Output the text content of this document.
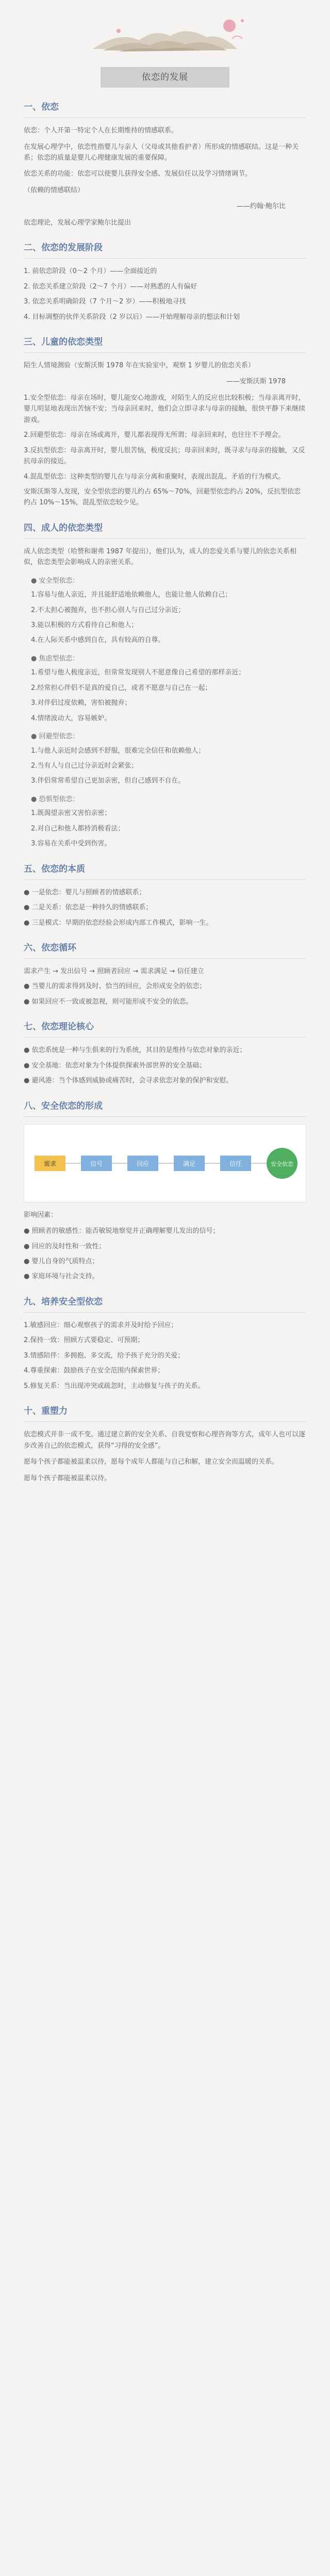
依恋的发展
一、依恋

依恋：个人开第一特定个人在长期维持的情感联系。

在发展心理学中，依恋性指婴儿与亲人（父母或其他看护者）所形成的情感联结。这是一种关系；依恋的质量是婴儿心理健康发展的重要保障。

依恋关系的功能：依恋可以使婴儿获得安全感、发展信任以及学习情绪调节。

（依赖的情感联结）

——约翰·鲍尔比

依恋理论，发展心理学家鲍尔比提出

二、依恋的发展阶段

1. 前依恋阶段（0～2 个月）——全面接近的

2. 依恋关系建立阶段（2～7 个月）——对熟悉的人有偏好

3. 依恋关系明确阶段（7 个月～2 岁）——积极地寻找

4. 目标调整的伙伴关系阶段（2 岁以后）——开始理解母亲的想法和计划

三、儿童的依恋类型

陌生人情境测验（安斯沃斯 1978 年在实验室中，观察 1 岁婴儿的依恋关系）

——安斯沃斯 1978

1.安全型依恋：母亲在场时，婴儿能安心地游戏，对陌生人的反应也比较积极；当母亲离开时，婴儿明显地表现出苦恼不安；当母亲回来时，他们会立即寻求与母亲的接触，很快平静下来继续游戏。

2.回避型依恋：母亲在场或离开，婴儿都表现得无所谓；母亲回来时，也往往不予理会。

3.反抗型依恋：母亲离开时，婴儿很苦恼，极度反抗；母亲回来时，既寻求与母亲的接触，又反抗母亲的接近。

4.混乱型依恋：这种类型的婴儿在与母亲分离和重聚时，表现出混乱、矛盾的行为模式。

安斯沃斯等人发现，安全型依恋的婴儿约占 65%～70%，回避型依恋约占 20%，反抗型依恋约占 10%～15%，混乱型依恋较少见。

四、成人的依恋类型

成人依恋类型（哈赞和谢弗 1987 年提出），他们认为，成人的恋爱关系与婴儿的依恋关系相似，依恋类型会影响成人的亲密关系。

● 安全型依恋：

1.容易与他人亲近，并且能舒适地依赖他人，也能让他人依赖自己；

2.不太担心被抛弃，也不担心别人与自己过分亲近；

3.能以积极的方式看待自己和他人；

4.在人际关系中感到自在，具有较高的自尊。

● 焦虑型依恋：

1.希望与他人极度亲近，但常常发现别人不愿意像自己希望的那样亲近；

2.经常担心伴侣不是真的爱自己，或者不愿意与自己在一起；

3.对伴侣过度依赖，害怕被抛弃；

4.情绪波动大，容易嫉妒。

● 回避型依恋：

1.与他人亲近时会感到不舒服，很难完全信任和依赖他人；

2.当有人与自己过分亲近时会紧张；

3.伴侣常常希望自己更加亲密，但自己感到不自在。

● 恐惧型依恋：

1.既渴望亲密又害怕亲密；

2.对自己和他人都持消极看法；

3.容易在关系中受到伤害。

五、依恋的本质

● 一是依恋：婴儿与照顾者的情感联系；

● 二是关系：依恋是一种持久的情感联系；

● 三是模式：早期的依恋经验会形成内部工作模式，影响一生。

六、依恋循环

需求产生 → 发出信号 → 照顾者回应 → 需求满足 → 信任建立

● 当婴儿的需求得到及时、恰当的回应，会形成安全的依恋；

● 如果回应不一致或被忽视，则可能形成不安全的依恋。

七、依恋理论核心

● 依恋系统是一种与生俱来的行为系统，其目的是维持与依恋对象的亲近；

● 安全基地：依恋对象为个体提供探索外部世界的安全基础；

● 避风港：当个体感到威胁或痛苦时，会寻求依恋对象的保护和安慰。

八、安全依恋的形成
需求	信号	回应	满足	信任	安全依恋

影响因素：

● 照顾者的敏感性：能否敏锐地察觉并正确理解婴儿发出的信号；

● 回应的及时性和一致性；

● 婴儿自身的气质特点；

● 家庭环境与社会支持。

九、培养安全型依恋

1.敏感回应：细心观察孩子的需求并及时给予回应；

2.保持一致：照顾方式要稳定、可预期；

3.情感陪伴：多拥抱、多交流，给予孩子充分的关爱；

4.尊重探索：鼓励孩子在安全范围内探索世界；

5.修复关系：当出现冲突或疏忽时，主动修复与孩子的关系。

十、重塑力

依恋模式并非一成不变。通过建立新的安全关系、自我觉察和心理咨询等方式，成年人也可以逐步改善自己的依恋模式，获得“习得的安全感”。

愿每个孩子都能被温柔以待，愿每个成年人都能与自己和解，建立安全而温暖的关系。

愿每个孩子都能被温柔以待。
